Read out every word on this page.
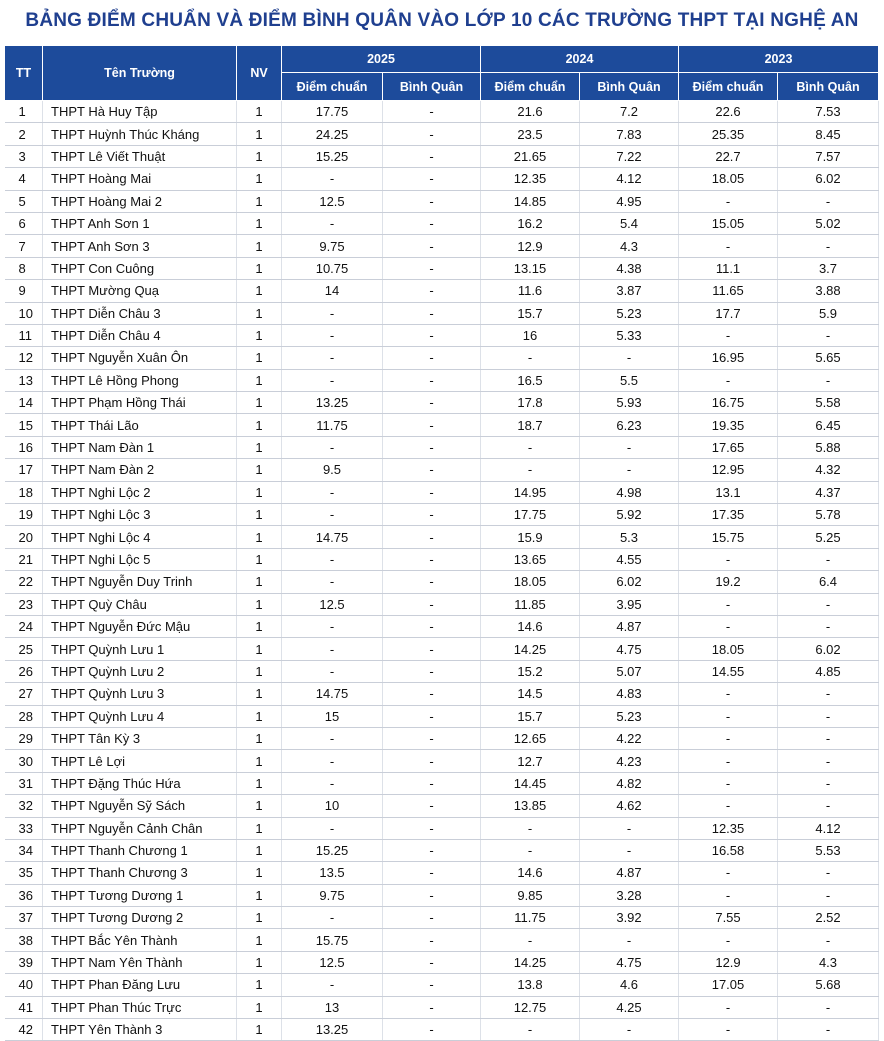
BẢNG ĐIỂM CHUẨN VÀ ĐIỂM BÌNH QUÂN VÀO LỚP 10 CÁC TRƯỜNG THPT TẠI NGHỆ AN
TT	Tên Trường	NV	2025		2024		2023	
			Điểm chuẩn	Bình Quân	Điểm chuẩn	Bình Quân	Điểm chuẩn	Bình Quân
1	THPT Hà Huy Tập	1	17.75	-	21.6	7.2	22.6	7.53
2	THPT Huỳnh Thúc Kháng	1	24.25	-	23.5	7.83	25.35	8.45
3	THPT Lê Viết Thuật	1	15.25	-	21.65	7.22	22.7	7.57
4	THPT Hoàng Mai	1	-	-	12.35	4.12	18.05	6.02
5	THPT Hoàng Mai 2	1	12.5	-	14.85	4.95	-	-
6	THPT Anh Sơn 1	1	-	-	16.2	5.4	15.05	5.02
7	THPT Anh Sơn 3	1	9.75	-	12.9	4.3	-	-
8	THPT Con Cuông	1	10.75	-	13.15	4.38	11.1	3.7
9	THPT Mường Quạ	1	14	-	11.6	3.87	11.65	3.88
10	THPT Diễn Châu 3	1	-	-	15.7	5.23	17.7	5.9
11	THPT Diễn Châu 4	1	-	-	16	5.33	-	-
12	THPT Nguyễn Xuân Ôn	1	-	-	-	-	16.95	5.65
13	THPT Lê Hồng Phong	1	-	-	16.5	5.5	-	-
14	THPT Phạm Hồng Thái	1	13.25	-	17.8	5.93	16.75	5.58
15	THPT Thái Lão	1	11.75	-	18.7	6.23	19.35	6.45
16	THPT Nam Đàn 1	1	-	-	-	-	17.65	5.88
17	THPT Nam Đàn 2	1	9.5	-	-	-	12.95	4.32
18	THPT Nghi Lộc 2	1	-	-	14.95	4.98	13.1	4.37
19	THPT Nghi Lộc 3	1	-	-	17.75	5.92	17.35	5.78
20	THPT Nghi Lộc 4	1	14.75	-	15.9	5.3	15.75	5.25
21	THPT Nghi Lộc 5	1	-	-	13.65	4.55	-	-
22	THPT Nguyễn Duy Trinh	1	-	-	18.05	6.02	19.2	6.4
23	THPT Quỳ Châu	1	12.5	-	11.85	3.95	-	-
24	THPT Nguyễn Đức Mậu	1	-	-	14.6	4.87	-	-
25	THPT Quỳnh Lưu 1	1	-	-	14.25	4.75	18.05	6.02
26	THPT Quỳnh Lưu 2	1	-	-	15.2	5.07	14.55	4.85
27	THPT Quỳnh Lưu 3	1	14.75	-	14.5	4.83	-	-
28	THPT Quỳnh Lưu 4	1	15	-	15.7	5.23	-	-
29	THPT Tân Kỳ 3	1	-	-	12.65	4.22	-	-
30	THPT Lê Lợi	1	-	-	12.7	4.23	-	-
31	THPT Đặng Thúc Hứa	1	-	-	14.45	4.82	-	-
32	THPT Nguyễn Sỹ Sách	1	10	-	13.85	4.62	-	-
33	THPT Nguyễn Cảnh Chân	1	-	-	-	-	12.35	4.12
34	THPT Thanh Chương 1	1	15.25	-	-	-	16.58	5.53
35	THPT Thanh Chương 3	1	13.5	-	14.6	4.87	-	-
36	THPT Tương Dương 1	1	9.75	-	9.85	3.28	-	-
37	THPT Tương Dương 2	1	-	-	11.75	3.92	7.55	2.52
38	THPT Bắc Yên Thành	1	15.75	-	-	-	-	-
39	THPT Nam Yên Thành	1	12.5	-	14.25	4.75	12.9	4.3
40	THPT Phan Đăng Lưu	1	-	-	13.8	4.6	17.05	5.68
41	THPT Phan Thúc Trực	1	13	-	12.75	4.25	-	-
42	THPT Yên Thành 3	1	13.25	-	-	-	-	-
